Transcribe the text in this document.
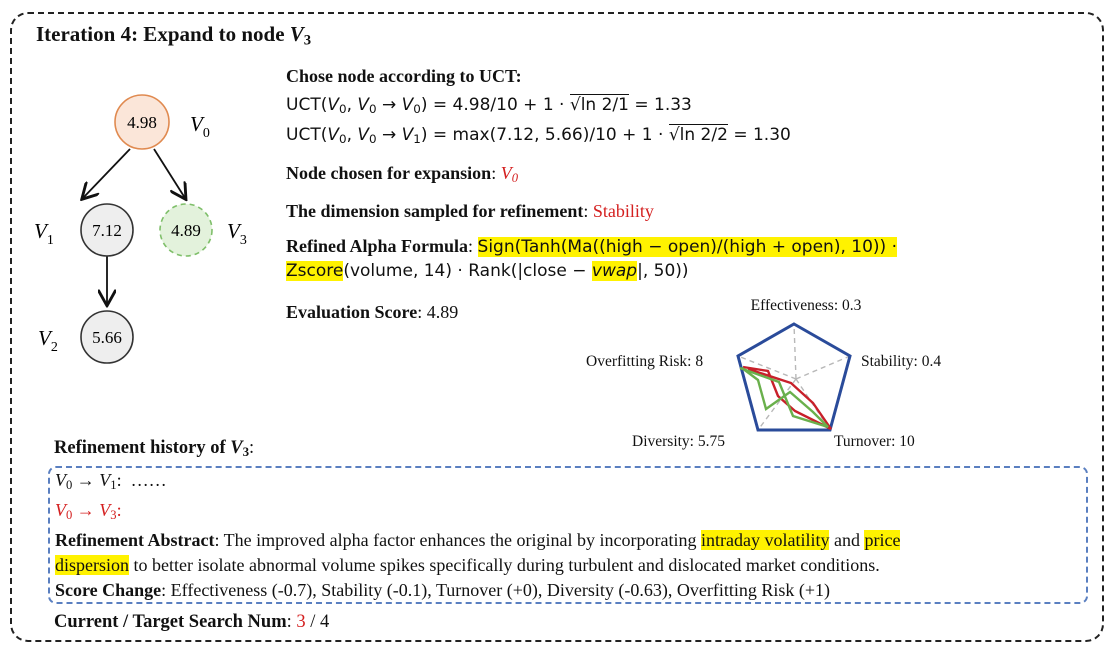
Iteration 4: Expand to node $V_3$
4.98 $V_0$
7.12
$V_1$
4.89 $V_3$
5.66
$V_2$
Chose node according to UCT:
$UCT(V_0$, $V_0 \to V_0) = 4.98/10 + 1 \cdot √\ln$ 2/1 = 1.33
$UCT(V_0$, $V_0 \to V_1) = \max(7.12$, 5.66)/10 + 1 · √ln 2/2 = 1.30
Node chosen for expansion: $V_0$
The dimension sampled for refinement: Stability
Refined Alpha Formula: Sign(Tanh(Ma((high − open)/(high + open), 10)) ·
Zscore(volume, 14) · Rank(|close − vwap|, 50))
Evaluation Score: 4.89	Effectiveness: 0.3
Stability: 0.4
Turnover: 10
Diversity: 5.75
Overfitting Risk: 8
Refinement history of $V_3$:
$V_0 \to V_1$:  ……
$V_0 \to V_3$:
Refinement Abstract: The improved alpha factor enhances the original by incorporating intraday volatility and price
dispersion to better isolate abnormal volume spikes specifically during turbulent and dislocated market conditions.
Score Change: Effectiveness (-0.7), Stability (-0.1), Turnover (+0), Diversity (-0.63), Overfitting Risk (+1)
Current / Target Search Num: 3 / 4
